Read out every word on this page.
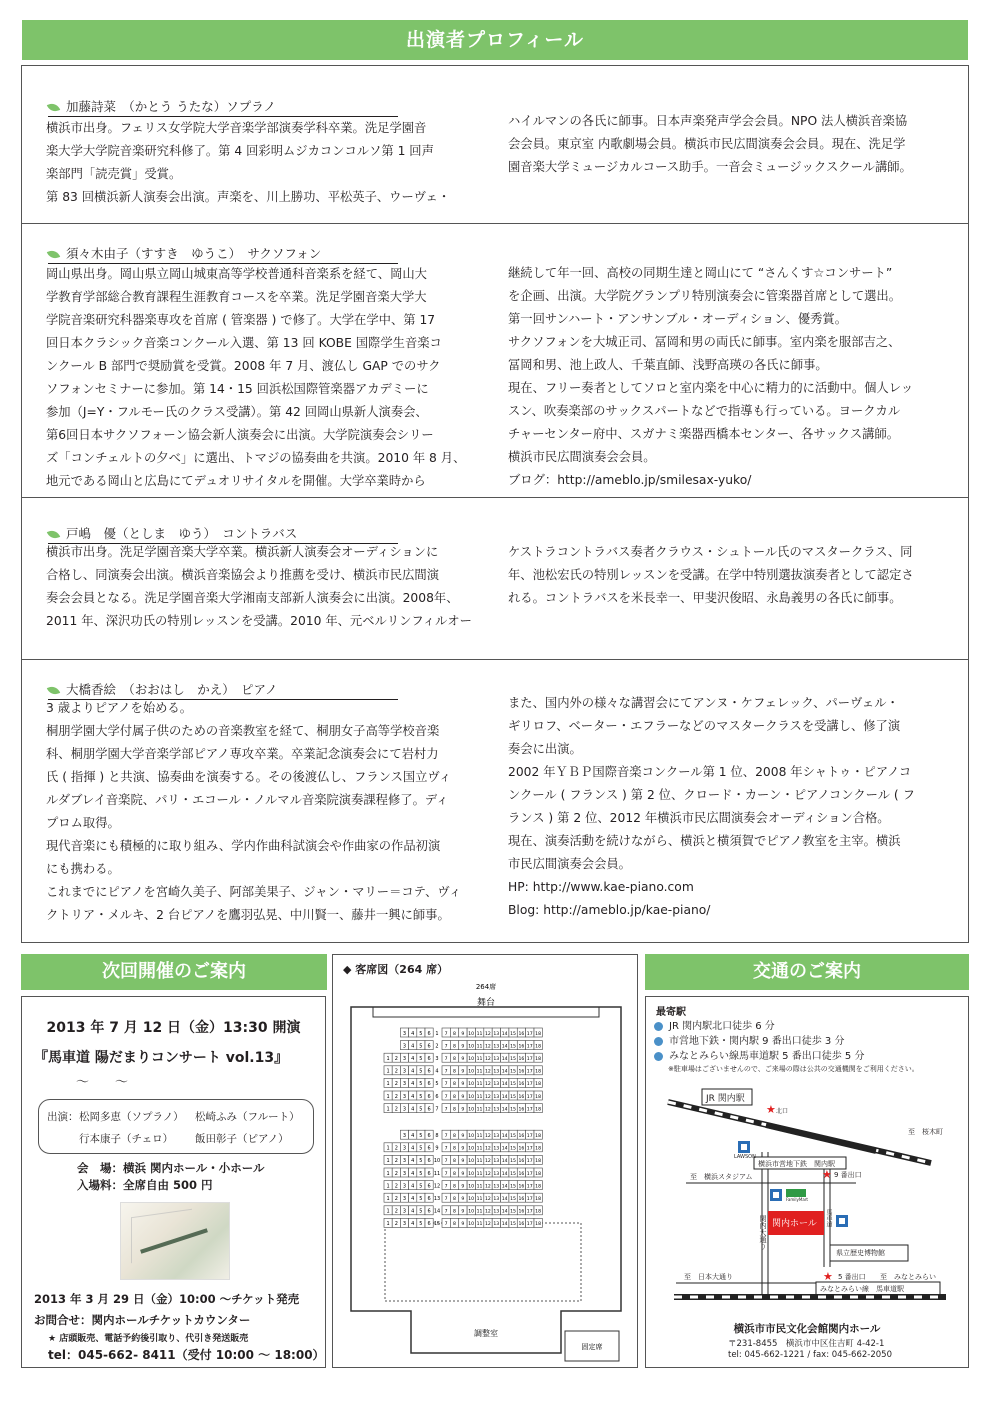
出演者プロフィール
加藤詩菜　（かとう うたな）ソプラノ

横浜市出身。フェリス女学院大学音楽学部演奏学科卒業。洗足学園音

楽大学大学院音楽研究科修了。第 4 回彩明ムジカコンコルソ第 1 回声

楽部門「読売賞」受賞。

第 83 回横浜新人演奏会出演。声楽を、川上勝功、平松英子、ウーヴェ・

ハイルマンの各氏に師事。日本声楽発声学会会員。NPO 法人横浜音楽協

会会員。東京室 内歌劇場会員。横浜市民広間演奏会会員。現在、洗足学

園音楽大学ミュージカルコース助手。一音会ミュージックスクール講師。

須々木由子（すすき　ゆうこ）　サクソフォン

岡山県出身。岡山県立岡山城東高等学校普通科音楽系を経て、岡山大

学教育学部総合教育課程生涯教育コースを卒業。洗足学園音楽大学大

学院音楽研究科器楽専攻を首席 ( 管楽器 ) で修了。大学在学中、第 17

回日本クラシック音楽コンクール入選、第 13 回 KOBE 国際学生音楽コ

ンクール B 部門で奨励賞を受賞。2008 年 7 月、渡仏し GAP でのサク

ソフォンセミナーに参加。第 14・15 回浜松国際管楽器アカデミーに

参加（J=Y・フルモー氏のクラス受講）。第 42 回岡山県新人演奏会、

第6回日本サクソフォーン協会新人演奏会に出演。大学院演奏会シリー

ズ「コンチェルトの夕べ」に選出、トマジの協奏曲を共演。2010 年 8 月、

地元である岡山と広島にてデュオリサイタルを開催。大学卒業時から

継続して年一回、高校の同期生達と岡山にて “さんくす☆コンサート”

を企画、出演。大学院グランプリ特別演奏会に管楽器首席として選出。

第一回サンハート・アンサンブル・オーディション、優秀賞。

サクソフォンを大城正司、冨岡和男の両氏に師事。室内楽を服部吉之、

冨岡和男、池上政人、千葉直師、浅野高瑛の各氏に師事。

現在、フリー奏者としてソロと室内楽を中心に精力的に活動中。個人レッ

スン、吹奏楽部のサックスパートなどで指導も行っている。ヨークカル

チャーセンター府中、スガナミ楽器西橋本センター、各サックス講師。

横浜市民広間演奏会会員。

ブログ：http://ameblo.jp/smilesax-yuko/

戸嶋　優（としま　ゆう）　コントラバス

横浜市出身。洗足学園音楽大学卒業。横浜新人演奏会オーディションに

合格し、同演奏会出演。横浜音楽協会より推薦を受け、横浜市民広間演

奏会会員となる。洗足学園音楽大学湘南支部新人演奏会に出演。2008年、

2011 年、深沢功氏の特別レッスンを受講。2010 年、元ベルリンフィルオー

ケストラコントラバス奏者クラウス・シュトール氏のマスタークラス、同

年、池松宏氏の特別レッスンを受講。在学中特別選抜演奏者として認定さ

れる。コントラバスを米長幸一、甲斐沢俊昭、永島義男の各氏に師事。

大橋香絵　（おおはし　かえ）　ピアノ

3 歳よりピアノを始める。

桐朋学園大学付属子供のための音楽教室を経て、桐朋女子高等学校音楽

科、桐朋学園大学音楽学部ピアノ専攻卒業。卒業記念演奏会にて岩村力

氏 ( 指揮 ) と共演、協奏曲を演奏する。その後渡仏し、フランス国立ヴィ

ルダブレイ音楽院、パリ・エコール・ノルマル音楽院演奏課程修了。ディ

プロム取得。

現代音楽にも積極的に取り組み、学内作曲科試演会や作曲家の作品初演

にも携わる。

これまでにピアノを宮崎久美子、阿部美果子、ジャン・マリー＝コテ、ヴィ

クトリア・メルキ、2 台ピアノを鷹羽弘晃、中川賢一、藤井一興に師事。

また、国内外の様々な講習会にてアンヌ・ケフェレック、パーヴェル・

ギリロフ、ベーター・エフラーなどのマスタークラスを受講し、修了演

奏会に出演。

2002 年ＹＢＰ国際音楽コンクール第 1 位、2008 年シャトゥ・ピアノコ

ンクール ( フランス ) 第 2 位、クロード・カーン・ピアノコンクール ( フ

ランス ) 第 2 位、2012 年横浜市民広間演奏会オーディション合格。

現在、演奏活動を続けながら、横浜と横須賀でピアノ教室を主宰。横浜

市民広間演奏会会員。

HP: http://www.kae-piano.com

Blog: http://ameblo.jp/kae-piano/

次回開催のご案内
2013 年 7 月 12 日（金）13:30 開演
『馬車道 陽だまりコンサート vol.13』
～　　～
出演： 松岡多恵（ソプラノ） 松崎ふみ（フルート）
行本康子（チェロ） 飯田彰子（ピアノ）
会　場：横浜 関内ホール・小ホール
入場料：全席自由 500 円
2013 年 3 月 29 日（金）10:00 ～チケット発売
お問合せ：関内ホールチケットカウンター
★ 店頭販売、電話予約後引取り、代引き発送販売
tel：045-662- 8411（受付 10:00 ～ 18:00）
264席
舞台
調整室
固定席
3 4 5 6 1 7 8 9 10 11 12 13 14 15 16 17 18
3 4 5 6 2 7 8 9 10 11 12 13 14 15 16 17 18
1 2 3 4 5 6 3 7 8 9 10 11 12 13 14 15 16 17 18
1 2 3 4 5 6 4 7 8 9 10 11 12 13 14 15 16 17 18
1 2 3 4 5 6 5 7 8 9 10 11 12 13 14 15 16 17 18
1 2 3 4 5 6 6 7 8 9 10 11 12 13 14 15 16 17 18
1 2 3 4 5 6 7 7 8 9 10 11 12 13 14 15 16 17 18
3 4 5 6 8 7 8 9 10 11 12 13 14 15 16 17 18
1 2 3 4 5 6 9 7 8 9 10 11 12 13 14 15 16 17 18
1 2 3 4 5 6 10 7 8 9 10 11 12 13 14 15 16 17 18
1 2 3 4 5 6 11 7 8 9 10 11 12 13 14 15 16 17 18
1 2 3 4 5 6 12 7 8 9 10 11 12 13 14 15 16 17 18
1 2 3 4 5 6 13 7 8 9 10 11 12 13 14 15 16 17 18
1 2 3 4 5 6 14 7 8 9 10 11 12 13 14 15 16 17 18
1 2 3 4 5 6 15 7 8 9 10 11 12 13 14 15 16 17 18
◆ 客席図（264 席）	交通のご案内
★
★
★
最寄駅
JR 関内駅北口徒歩 6 分
市営地下鉄・関内駅 9 番出口徒歩 3 分
みなとみらい線馬車道駅 5 番出口徒歩 5 分
※駐車場はございませんので、ご来場の際は公共の交通機関をご利用ください。
JR 関内駅
北口
至　桜木町
LAWSON
横浜市営地下鉄　関内駅
9 番出口
至　横浜スタジアム
FamilyMart
関内大通り 関内ホール 馬車道
県立歴史博物館
至　日本大通り	5 番出口 至　みなとみらい
みなとみらい線　馬車道駅
横浜市市民文化会館関内ホール
〒231-8455　横浜市中区住吉町 4-42-1
tel: 045-662-1221 / fax: 045-662-2050
